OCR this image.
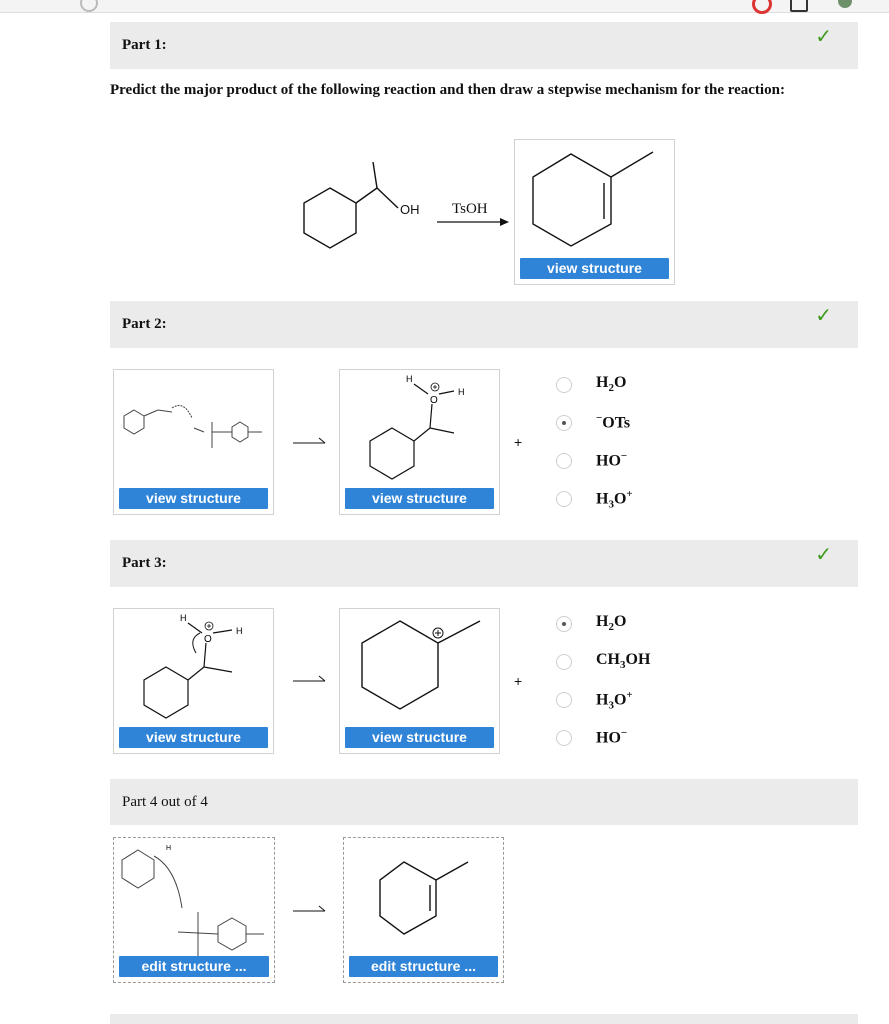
Part 1:	✓
Predict the major product of the following reaction and then draw a stepwise mechanism for the reaction:
OH TsOH
view structure
Part 2:	✓
view structure
H
O
H
view structure
+
$H_2O$
−OTs
HO−
$H_3O^+$
Part 3:	✓
H
O
H
view structure	view structure
+
$H_2O$
$CH_3OH$
$H_3O^+$
HO−
Part 4 out of 4
H
edit structure ...	edit structure ...
